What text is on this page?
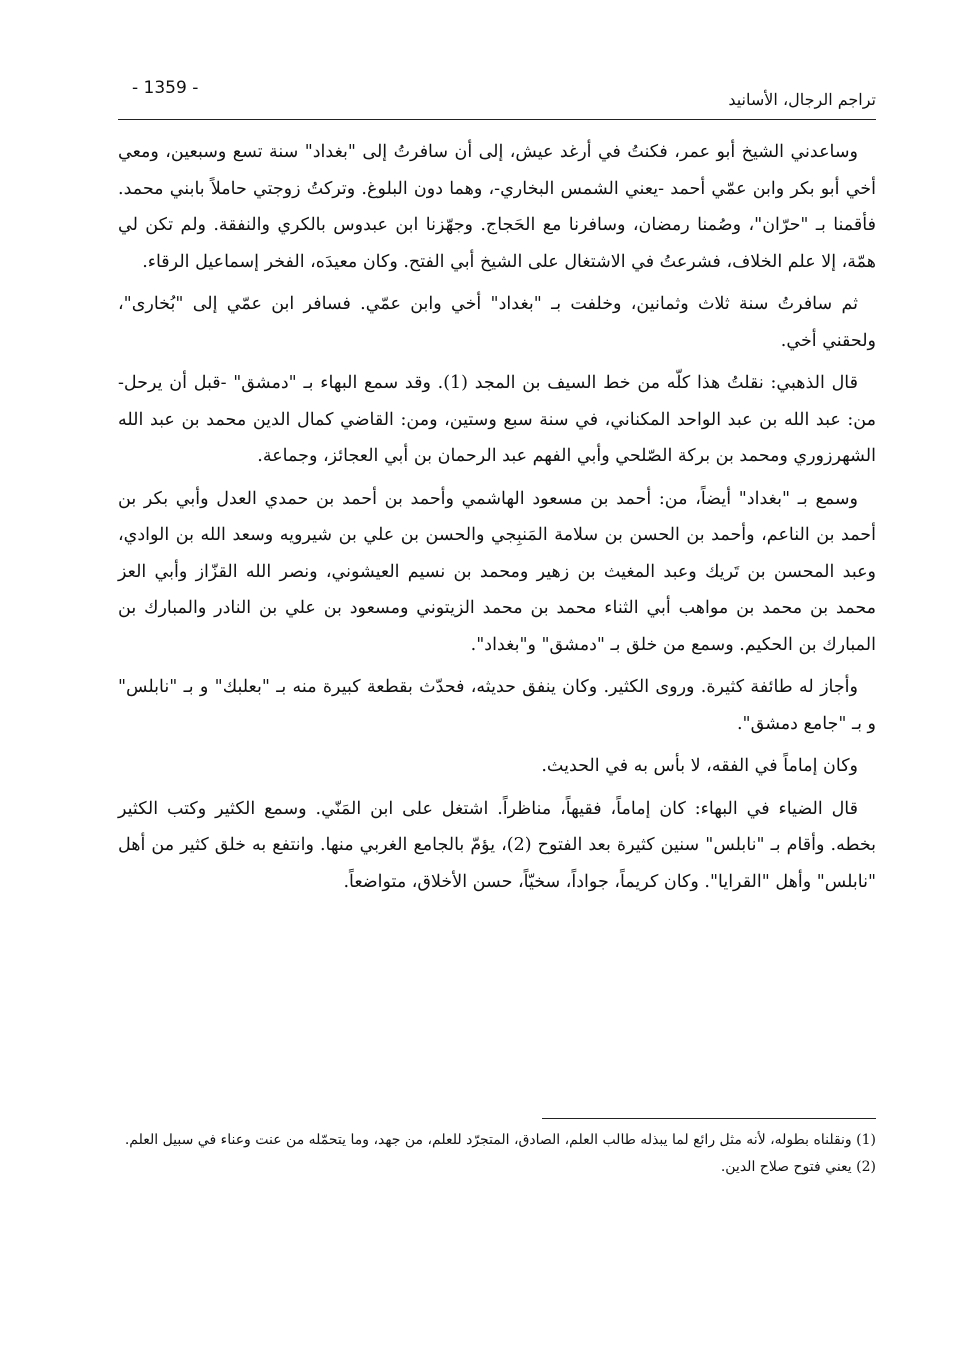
- 1359 -
تراجم الرجال، الأسانيد

وساعدني الشيخ أبو عمر، فكنتُ في أرغد عيش، إلى أن سافرتُ إلى "بغداد" سنة تسع وسبعين، ومعي أخي أبو بكر وابن عمّي أحمد -يعني الشمس البخاري-، وهما دون البلوغ. وتركتُ زوجتي حاملاً بابني محمد. فأقمنا بـ "حرّان"، وصُمنا رمضان، وسافرنا مع الحَجاج. وجهّزنا ابن عبدوس بالكري والنفقة. ولم تكن لي همّة، إلا علم الخلاف، فشرعتُ في الاشتغال على الشيخ أبي الفتح. وكان معيدَه، الفخر إسماعيل الرقاء.

ثم سافرتُ سنة ثلاث وثمانين، وخلفت بـ "بغداد" أخي وابن عمّي. فسافر ابن عمّي إلى "بُخارى"، ولحقني أخي.

قال الذهبي: نقلتُ هذا كلّه من خط السيف بن المجد (1). وقد سمع البهاء بـ "دمشق" -قبل أن يرحل- من: عبد الله بن عبد الواحد المكناني، في سنة سبع وستين، ومن: القاضي كمال الدين محمد بن عبد الله الشهرزوري ومحمد بن بركة الصّلحي وأبي الفهم عبد الرحمان بن أبي العجائز، وجماعة.

وسمع بـ "بغداد" أيضاً، من: أحمد بن مسعود الهاشمي وأحمد بن أحمد بن حمدي العدل وأبي بكر بن أحمد بن الناعم، وأحمد بن الحسن بن سلامة المَنبِجي والحسن بن علي بن شيرويه وسعد الله بن الوادي، وعبد المحسن بن تَريك وعبد المغيث بن زهير ومحمد بن نسيم العيشوني، ونصر الله القزّاز وأبي العز محمد بن محمد بن مواهب أبي الثناء محمد بن محمد الزيتوني ومسعود بن علي بن النادر والمبارك بن المبارك بن الحكيم. وسمع من خلق بـ "دمشق" و"بغداد".

وأجاز له طائفة كثيرة. وروى الكثير. وكان ينفق حديثه، فحدّث بقطعة كبيرة منه بـ "بعلبك" و بـ "نابلس" و بـ "جامع دمشق".

وكان إماماً في الفقه، لا بأس به في الحديث.

قال الضياء في البهاء: كان إماماً، فقيهاً، مناظراً. اشتغل على ابن المَنّي. وسمع الكثير وكتب الكثير بخطه. وأقام بـ "نابلس" سنين كثيرة بعد الفتوح (2)، يؤمّ بالجامع الغربي منها. وانتفع به خلق كثير من أهل "نابلس" وأهل "القرايا". وكان كريماً، جواداً، سخيّاً، حسن الأخلاق، متواضعاً.

(1) ونقلناه بطوله، لأنه مثل رائع لما يبذله طالب العلم، الصادق، المتجرّد للعلم، من جهد، وما يتحمّله من عنت وعناء في سبيل العلم.

(2) يعني فتوح صلاح الدين.
